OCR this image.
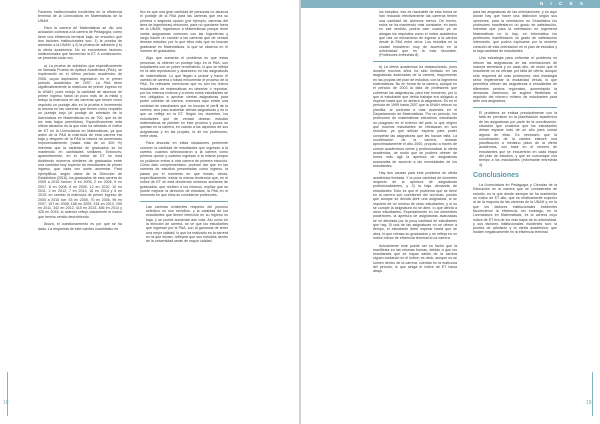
18

Factores institucionales incidentes en la eficiencia terminal de la Licenciatura en Matemáticas de la UNAH.

Para la carrera de Matemáticas se dio una actuación contraria a la carrera de Pedagogía, como tiene una eficiencia terminal baja, se encontró que dos factores institucionales son: 1) la prueba de admisión a la UNAH; y 2) la prueba de admisión y b) la oferta académica. No se encontraron factores institucionales que favorecían la ET. A continuación, se presenta cada uno.

a) La prueba de admisión que especificamente es llamada Prueba de Aptitud Académica (PAA), se implementó en el último periodo académico de 2006, cuyos aspirantes ingresaron en el primer periodo académico de 2007. La PAA tiene significativamente la matrícula de primer ingreso en la UNAH, pues redujo la cantidad de alumnos de primer ingreso hasta un poco más de la mitad y redujo la matrícula en las carreras que tienen cómo requisito un puntaje alto en la prueba e incrementó la misma en las carreras que tienen como requisito un puntaje bajo (el puntaje de admisión de la licenciatura en Matemáticas es de 700, que es de los más bajos permitidos). Específicamente esta última situación es la que más ha afectado el índice de ET en la Licenciatura en Matemáticas, ya que antes de la PAA la matrícula de esta carrera era baja y después de la PAA la misma ha aumentado exponencialmente (hasta más de un 500 %) mientras que la cantidad de graduados se ha mantenido en cantidades similares. Entonces, aparentemente, en el índice de ET se está dividiendo números similares de graduados entre una cantidad muy superior de estudiantes de primer ingreso, que cada vez suele aumentar. Para ejemplificar, según datos de la Dirección de Estadística (2016), los graduados de esta carrera de 2005 a 2015 fueron: 6 en 2005, 2 en 2006, 5 en 2007, 8 en 2008, 6 en 2009, 12 en 2010, 10 en 2011, 2 en 2012, 7 en 2013, 16 en 2014 y 8 en 2015; en cambio la matrícula de primer ingreso de 2005 a 2015 fue: 53 en 2005, 70 en 2006, 96 en 2007, 157 en 2008, 158 en 2009, 234 en 2010, 295 en 2011, 342 en 2012, 410 en 2013, 466 en 2014 y 426 en 2015; lo anterior reflejó claramente el índice que hemos venido describiendo.

Ahora, el cuestionamiento es por qué se ha dado. La respuesta de este cambio cuantitativo es

tivo es que una gran cantidad de personas no alcanza el puntaje de la PAA para las carreras que era su primera o segunda opción (por ejemplo, carreras del área de ingenierías) entonces, para no quedarse fuera de la UNAH, ingresaron a Matemáticas porque tiene varias asignaturas comunes con las Ingenierías y luego hacen un cambio a las carreras que de verdad desean estudiar; por lo que ellos más que no buscan graduarse en Matemáticas, lo que se observa en el número de graduados.

Algo que aumenta el problema es que estas personas, al obtener un puntaje bajo en la PAA, son estudiantes con un pobre rendimiento, lo que se refleja en la alta reprobación y abandono en las asignaturas de matemáticas. Lo que llegan a probar y hacer el cambio de carrera o hasta ennumeran el proceso de la PAA. Es relevante mencionar que no son los únicos estudiantes de matemáticas en desertar o reprobar, por los mismos motivos y a veces estos estudiantes se ven obligados a aprobar ciertas asignaturas para poder cambiar de carrera, entonces aquí existe una cantidad de estudiantes que no buscan el perfil de la carrera, sino para sustentar ciertas asignaturas y es lo que se refleja en la ET. Según los docentes, los estudiantes que de verdad desean estudiar matemáticas se pierden en este proceso y pocos se quedan en la carrera, en cuanto a los aspectos de sus asignaturas y en las propias, la de los profesores, entre otras.

Para ahondar en estas situaciones pertinente conocer la cantidad de estudiantes que ingresan a la carrera, cuántos seleccionaron a la carrera como primera opción y cuántos ingresan a la misma porque no pudieron entrar a otra carrera de primera elección. Cómo dato complementario, podrían dar que en las carreras de estudios presentadas como ingreso, la pasan por el momento en que inician; ahora, específicamente, existe la misma tendencia que, en el índice de ET se está dividiendo números similares de graduados, que reciben a los mismos, explica que se puede mejorar la dirección de estudios; la PAA en el momento en que ellos se consideran profesores.

Las carreras existentes respecto del proceso selectivo no son sencillos, y la cantidad de los estudiantes que tienen intención en su ingreso es baja, y se puede aumentar aún más. Así como en la elección de carrera, se ve que los estudiantes que ingresan por la PAA, con la ganancia de tener una mejor calidad, lo que ha realizado en la carrera en la que inician, reflejará que sus estudios dentro de la universidad serán de mayor calidad.

N I C E S
19

los estudios, eso es razonable de esta forma se han reducido efectivamente las carreras tienen una cantidad de alumnos menor. De hecho, estos se ha mantenido más constante; en tanto en ese sentido, podría caer cuando ya se alargan los requisitos como el índice académico que usa un mecanismo de ingreso a la carrera desde la PAA entre otros. Los estudios en la ciudad estuvieron muy de acuerdo en la universidad que es la más favorable. (Profesores entrevista 8).

b) La oferta académica ha obstaculizado, pues durante muchos años ha sido limitado en las asignaturas avanzadas de la carrera, mayormente en las propias del plan de estudios, con la ingeniería matemáticas. No en forma de la carrera, aunque en el periodo de 2003 la falta de profesores que cubrieran las asignaturas, para ese momento, por lo que el estudiante que debía trabajar era obligado a esperar hasta que se abriera la asignatura. Es en el periodo de 1999 hasta 2007 que la UNAH reforzó su plantilla, al contratar a más docentes en el Departamento de Matemáticas. Por un periodo, los profesores de matemáticas estuvieron estudiando un posgrado en el exterior del país, lo que originó que muchos estudiantes se retrasaran en sus estudios, ya que debían esperar para poder completar las asignaturas que les hacían falta. La coordinación de la carrera, durante aproximadamente el año 2000, propuso a través de cursos académicos cerrar y profesionalizar la oferta académica, de modo que se pudiera ofrecer de forma más ágil la apertura de asignaturas avanzadas de acuerdo a las necesidades de los estudiantes.

Hay dos causas para este problema de oferta académica limitada. Y la poca cantidad de docentes respecto de la apertura de asignaturas profesionalizantes, y 2) la baja demanda de estudiantes. Esto es que el problema que se tiene en la carrera son cuestiones del currículo, puesto que aunque se decida abrir una asignatura, si se requiere de un mínimo de cinco estudiantes, y si no se cumple la asignatura no se abre, lo que afecta a otros estudiantes. Especialmente en los semestres posteriores, la apertura de asignaturas avanzadas se ve afectada por la poca cantidad de estudiantes que hay. Si una de las asignaturas no se ofrece a tiempo, el estudiante debe esperar hasta que se abra, lo que retrasa su graduación y se refleja en un índice menor de eficiencia terminal en la carrera.

Actualmente este puede ser un factor que la manifiesta en las mismas formas, debido a que los estudiantes que se hayan salido de la carrera siguen contando en el índice; es decir, aunque no se sumen dentro de la carrera, cuentan en la matrícula del período, lo que sesga el índice de ET hacia abajo.

para las asignaturas de las orientaciones, y es aquí donde hay que hacer una distinción según sus opiniones; para la orientación en Estadística los profesores manifestaron un grado de satisfacción, mientras que para la orientación en Ingeniería Matemáticas no la hay; en Informática los profesores manifestaron un grado de satisfacción intermedio, que podría explicarse por la reciente creación de esta orientación en el plan de estudios y la baja cantidad de estudiantes.

Una estrategia para enfrentar el problema es ofrecer las asignaturas de las orientaciones de manera semestral y no cada año, de modo que el estudiante no se retrase por falta de oferta, aunque esto requerirá de más profesores; otra estrategia sería implementar la modalidad virtual, lo que permitiría ofrecer las asignaturas a estudiantes de diferentes centros regionales, aumentando la demanda. Asimismo, se sugiere flexibilizar el requisito del número mínimo de estudiantes para abrir una asignatura.

El problema se enlaza principalmente con la falta de previsión en la planificación académica de las asignaturas por parte de la coordinación, situación que ocasiona que los estudiantes deban esperar más de un año para cursar alguna de ellas. Es necesario que la coordinación de la carrera elabore una planificación a mediano plazo de la oferta académica, con base en el número de estudiantes que se encuentran en cada etapa del plan de estudios, y que se comunique con tiempo a los estudiantes (Informante entrevista 4).

Conclusiones

La Licenciatura en Pedagogía y Ciencias de la Educación es la carrera que se consideraba de estudio, en la que desde siempre se ha mantenido un índice de ET alto, que es relativamente superior al de la mayoría de las carreras de la UNAH y, en la que los factores institucionales incidentes favorecieron la eficiencia; sin embargo, en la Licenciatura en Matemáticas, es la carrera cuyo índice de ET era de los más bajos de la universidad, y sus factores institucionales incidentes son: la prueba de admisión y la oferta académica, que inciden negativamente en la eficiencia terminal.
